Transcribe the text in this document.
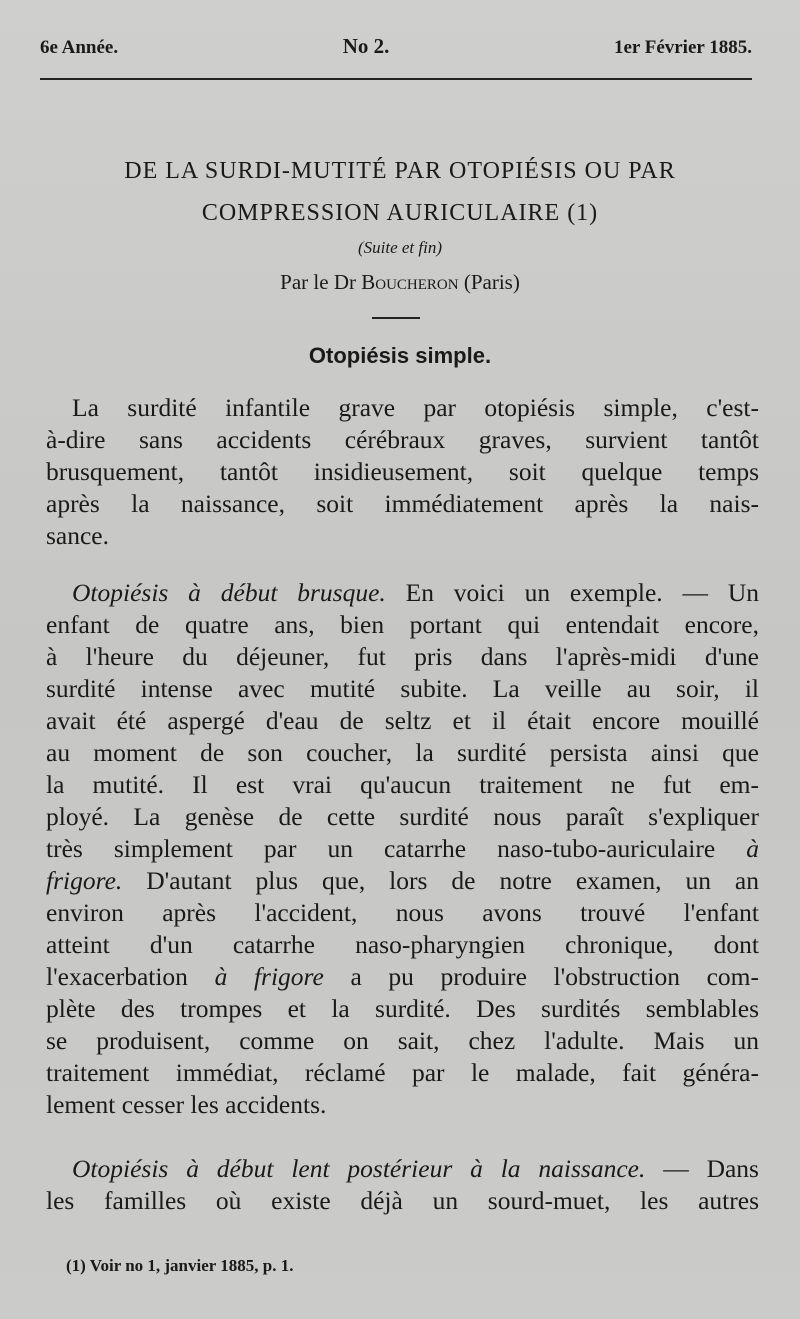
6e Année.	No 2.	1er Février 1885.
DE LA SURDI-MUTITÉ PAR OTOPIÉSIS OU PAR
COMPRESSION AURICULAIRE (1)
(Suite et fin)
Par le Dr Boucheron (Paris)
Otopiésis simple.
La surdité infantile grave par otopiésis simple, c'est-
à-dire sans accidents cérébraux graves, survient tantôt
brusquement, tantôt insidieusement, soit quelque temps
après la naissance, soit immédiatement après la nais-
sance.
Otopiésis à début brusque. En voici un exemple. — Un
enfant de quatre ans, bien portant qui entendait encore,
à l'heure du déjeuner, fut pris dans l'après-midi d'une
surdité intense avec mutité subite. La veille au soir, il
avait été aspergé d'eau de seltz et il était encore mouillé
au moment de son coucher, la surdité persista ainsi que
la mutité. Il est vrai qu'aucun traitement ne fut em-
ployé. La genèse de cette surdité nous paraît s'expliquer
très simplement par un catarrhe naso-tubo-auriculaire à
frigore. D'autant plus que, lors de notre examen, un an
environ après l'accident, nous avons trouvé l'enfant
atteint d'un catarrhe naso-pharyngien chronique, dont
l'exacerbation à frigore a pu produire l'obstruction com-
plète des trompes et la surdité. Des surdités semblables
se produisent, comme on sait, chez l'adulte. Mais un
traitement immédiat, réclamé par le malade, fait généra-
lement cesser les accidents.
Otopiésis à début lent postérieur à la naissance. — Dans
les familles où existe déjà un sourd-muet, les autres
(1) Voir no 1, janvier 1885, p. 1.
